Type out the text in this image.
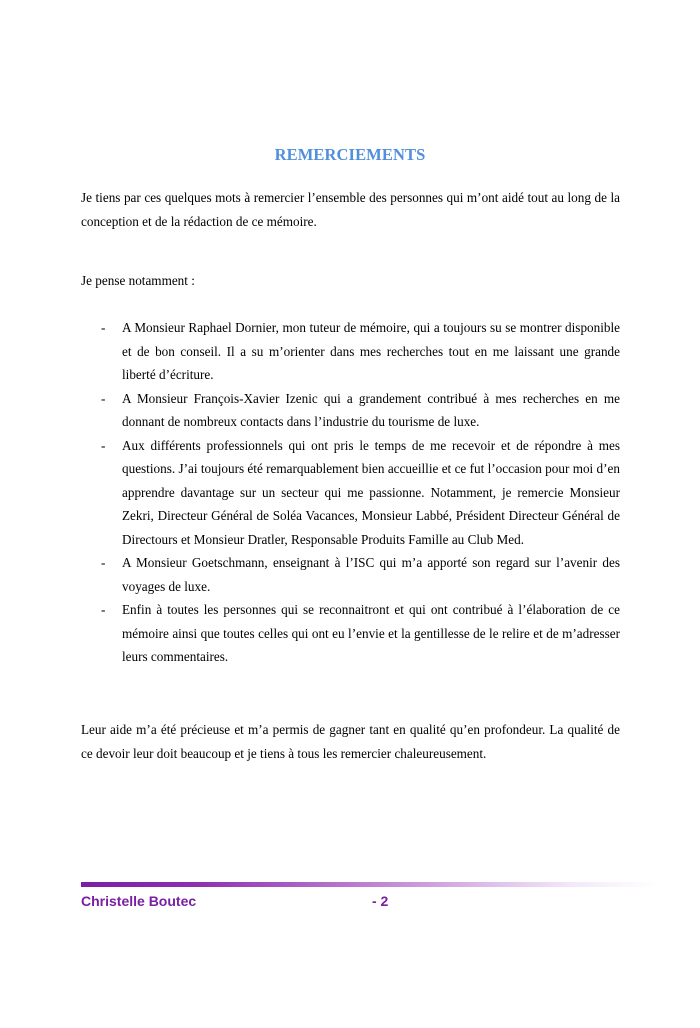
REMERCIEMENTS

Je tiens par ces quelques mots à remercier l’ensemble des personnes qui m’ont aidé tout au long de la conception et de la rédaction de ce mémoire.

Je pense notamment :

- A Monsieur Raphael Dornier, mon tuteur de mémoire, qui a toujours su se montrer disponible et de bon conseil. Il a su m’orienter dans mes recherches tout en me laissant une grande liberté d’écriture.
- A Monsieur François-Xavier Izenic qui a grandement contribué à mes recherches en me donnant de nombreux contacts dans l’industrie du tourisme de luxe.
- Aux différents professionnels qui ont pris le temps de me recevoir et de répondre à mes questions. J’ai toujours été remarquablement bien accueillie et ce fut l’occasion pour moi d’en apprendre davantage sur un secteur qui me passionne. Notamment, je remercie Monsieur Zekri, Directeur Général de Soléa Vacances, Monsieur Labbé, Président Directeur Général de Directours et Monsieur Dratler, Responsable Produits Famille au Club Med.
- A Monsieur Goetschmann, enseignant à l’ISC qui m’a apporté son regard sur l’avenir des voyages de luxe.
- Enfin à toutes les personnes qui se reconnaitront et qui ont contribué à l’élaboration de ce mémoire ainsi que toutes celles qui ont eu l’envie et la gentillesse de le relire et de m’adresser leurs commentaires.

Leur aide m’a été précieuse et m’a permis de gagner tant en qualité qu’en profondeur. La qualité de ce devoir leur doit beaucoup et je tiens à tous les remercier chaleureusement.

Christelle Boutec	- 2
